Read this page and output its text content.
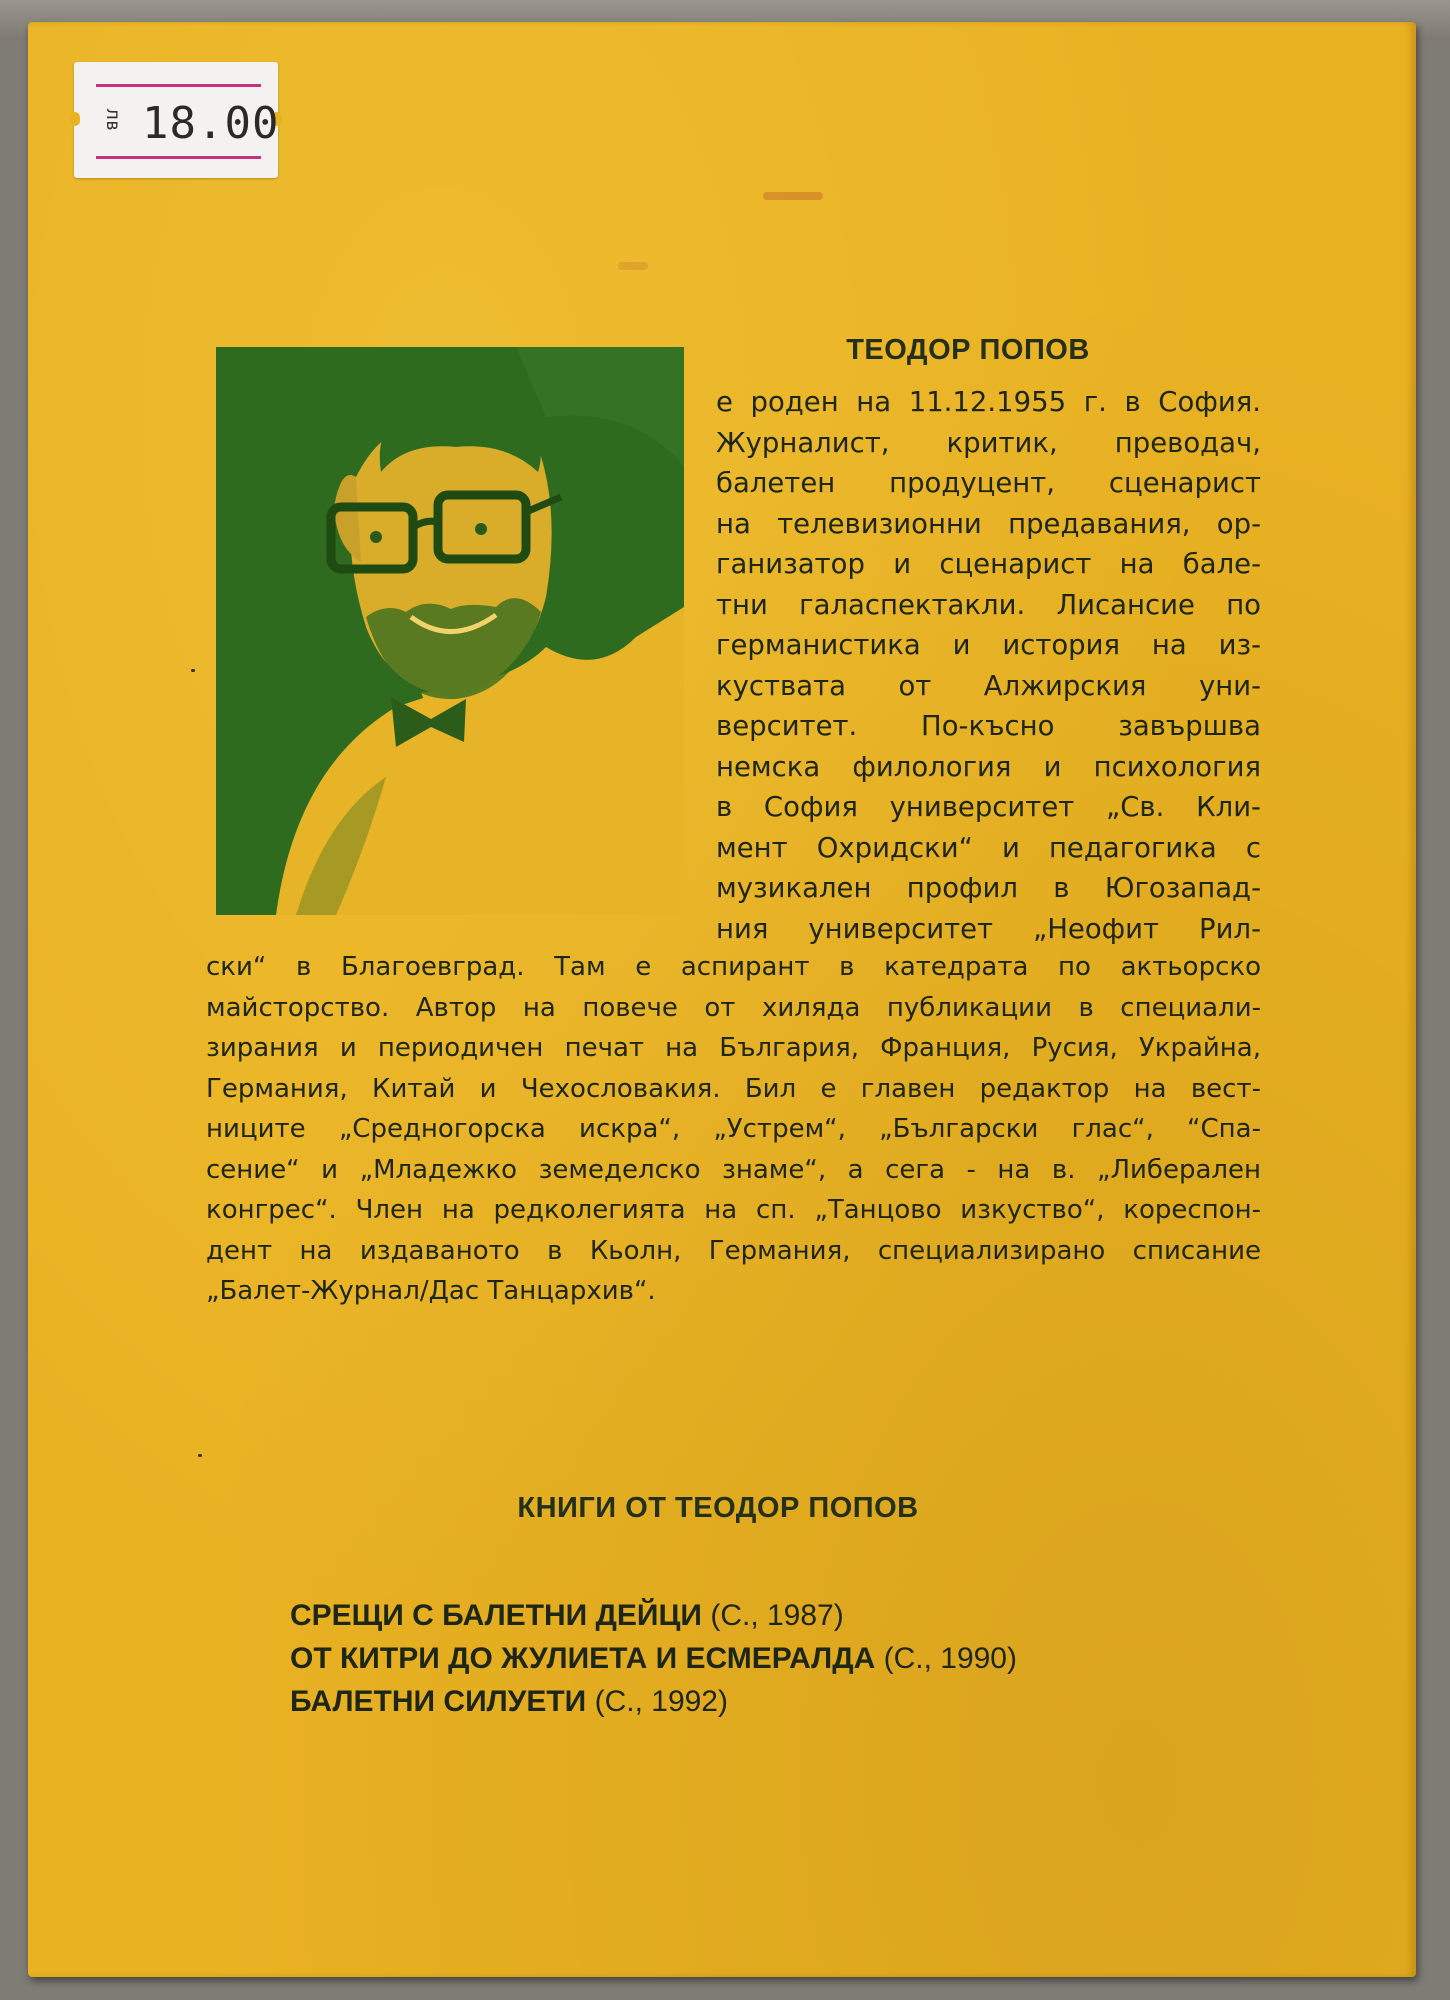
лв 18.00
ТЕОДОР ПОПОВ

е роден на 11.12.1955 г. в София.
Журналист, критик, преводач,
балетен продуцент, сценарист
на телевизионни предавания, ор-
ганизатор и сценарист на бале-
тни галаспектакли. Лисансие по
германистика и история на из-
куствата от Алжирския уни-
верситет. По-късно завършва
немска филология и психология
в София университет „Св. Кли-
мент Охридски“ и педагогика с
музикален профил в Югозапад-
ния университет „Неофит Рил-

ски“ в Благоевград. Там е аспирант в катедрата по актьорско
майсторство. Автор на повече от хиляда публикации в специали-
зирания и периодичен печат на България, Франция, Русия, Украйна,
Германия, Китай и Чехословакия. Бил е главен редактор на вест-
ниците „Средногорска искра“, „Устрем“, „Български глас“, “Спа-
сение“ и „Младежко земеделско знаме“, а сега - на в. „Либерален
конгрес“. Член на редколегията на сп. „Танцово изкуство“, кореспон-
дент на издаваното в Кьолн, Германия, специализирано списание
„Балет-Журнал/Дас Танцархив“.

КНИГИ ОТ ТЕОДОР ПОПОВ
СРЕЩИ С БАЛЕТНИ ДЕЙЦИ (С., 1987)
ОТ КИТРИ ДО ЖУЛИЕТА И ЕСМЕРАЛДА (С., 1990)
БАЛЕТНИ СИЛУЕТИ (С., 1992)
